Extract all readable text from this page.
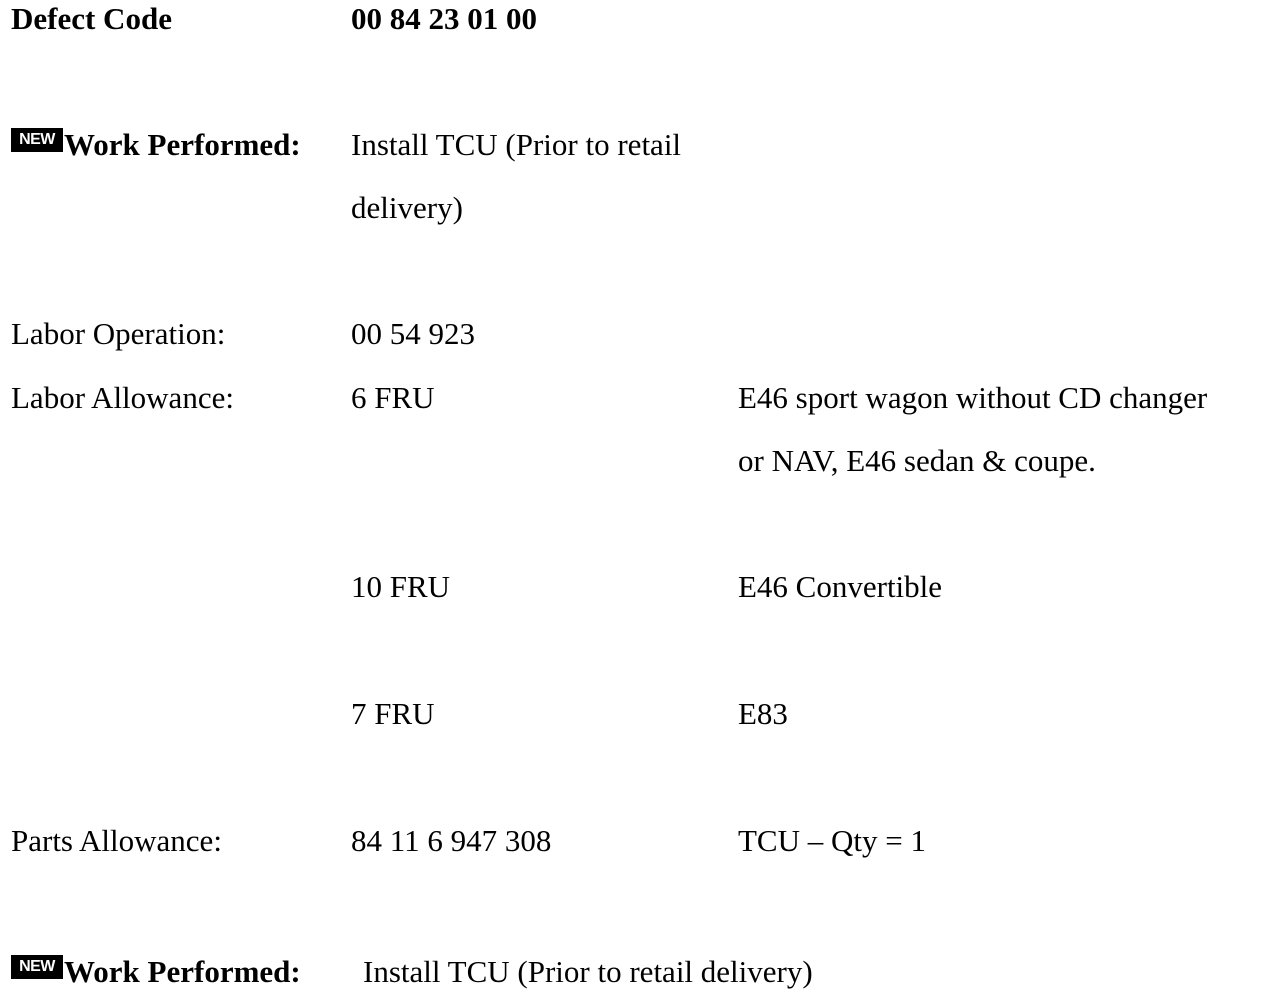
Defect Code	00 84 23 01 00
NEW Work Performed: Install TCU (Prior to retail
delivery)
Labor Operation:	00 54 923
Labor Allowance:	6 FRU	E46 sport wagon without CD changer
or NAV, E46 sedan & coupe.
10 FRU	E46 Convertible
7 FRU	E83
Parts Allowance:	84 11 6 947 308	TCU – Qty = 1
NEW Work Performed: Install TCU (Prior to retail delivery)
